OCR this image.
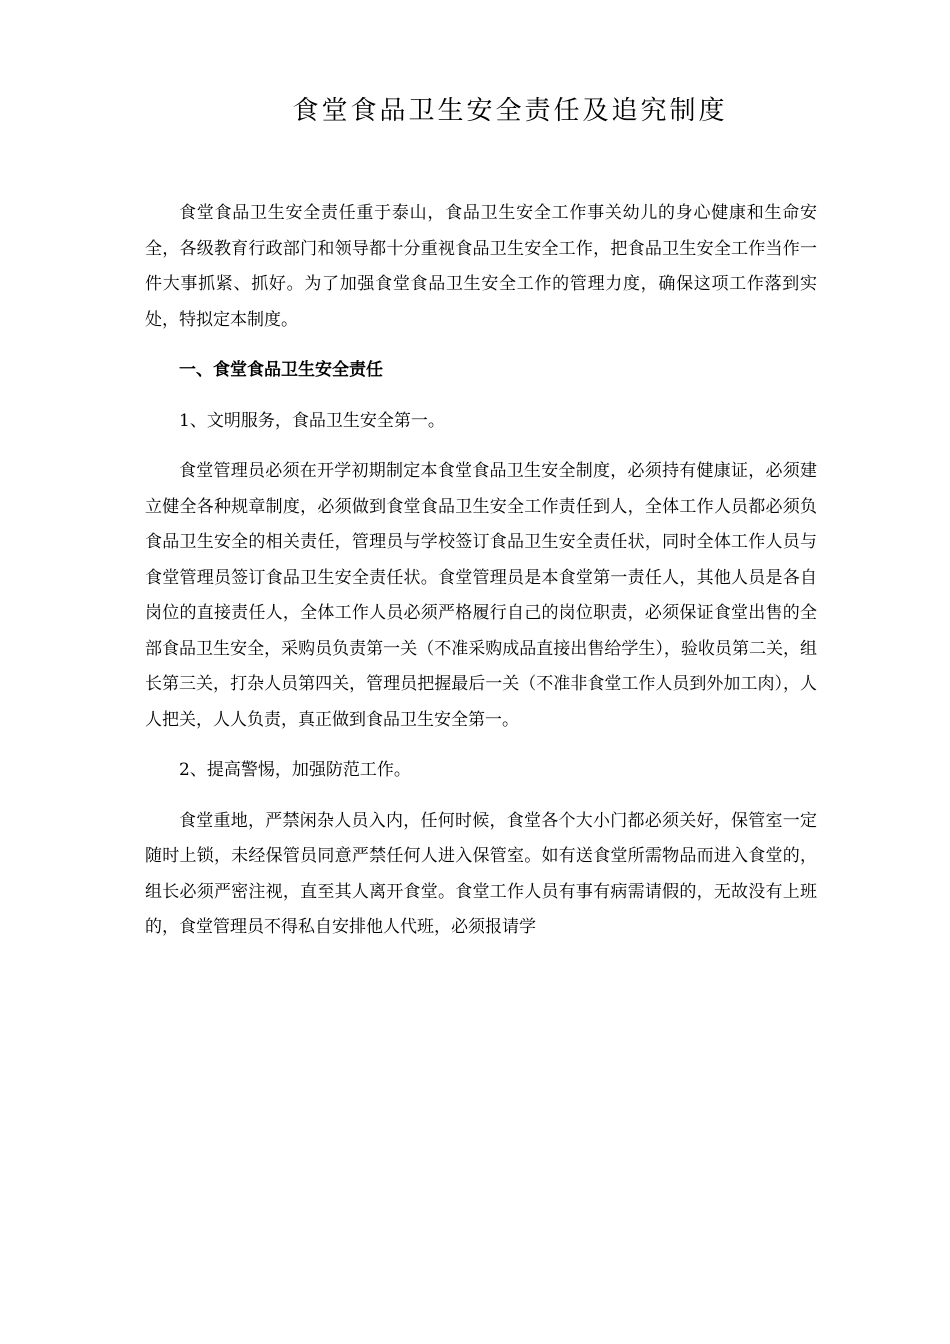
食堂食品卫生安全责任及追究制度

食堂食品卫生安全责任重于泰山，食品卫生安全工作事关幼儿的身心健康和生命安全，各级教育行政部门和领导都十分重视食品卫生安全工作，把食品卫生安全工作当作一件大事抓紧、抓好。为了加强食堂食品卫生安全工作的管理力度，确保这项工作落到实处，特拟定本制度。

一、食堂食品卫生安全责任

1、文明服务，食品卫生安全第一。

食堂管理员必须在开学初期制定本食堂食品卫生安全制度，必须持有健康证，必须建立健全各种规章制度，必须做到食堂食品卫生安全工作责任到人，全体工作人员都必须负食品卫生安全的相关责任，管理员与学校签订食品卫生安全责任状，同时全体工作人员与食堂管理员签订食品卫生安全责任状。食堂管理员是本食堂第一责任人，其他人员是各自岗位的直接责任人，全体工作人员必须严格履行自己的岗位职责，必须保证食堂出售的全部食品卫生安全，采购员负责第一关（不准采购成品直接出售给学生），验收员第二关，组长第三关，打杂人员第四关，管理员把握最后一关（不准非食堂工作人员到外加工肉），人人把关，人人负责，真正做到食品卫生安全第一。

2、提高警惕，加强防范工作。

食堂重地，严禁闲杂人员入内，任何时候，食堂各个大小门都必须关好，保管室一定随时上锁，未经保管员同意严禁任何人进入保管室。如有送食堂所需物品而进入食堂的，组长必须严密注视，直至其人离开食堂。食堂工作人员有事有病需请假的，无故没有上班的，食堂管理员不得私自安排他人代班，必须报请学
